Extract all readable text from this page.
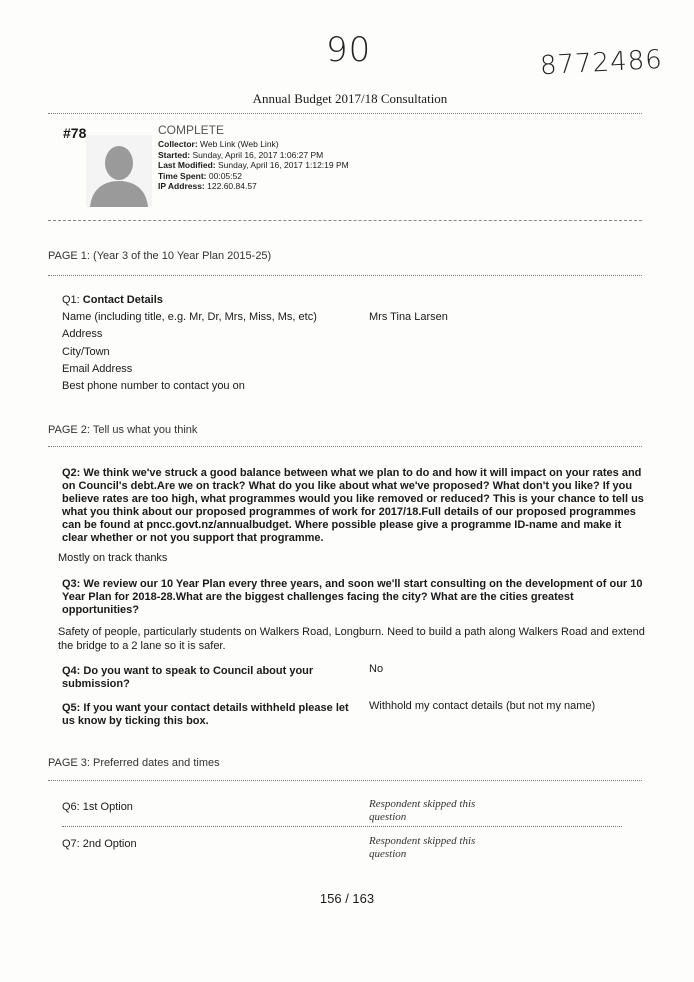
90	8772486
Annual Budget 2017/18 Consultation
#78	COMPLETE
Collector: Web Link (Web Link)
Started: Sunday, April 16, 2017 1:06:27 PM
Last Modified: Sunday, April 16, 2017 1:12:19 PM
Time Spent: 00:05:52
IP Address: 122.60.84.57
PAGE 1: (Year 3 of the 10 Year Plan 2015-25)
Q1: Contact Details
Name (including title, e.g. Mr, Dr, Mrs, Miss, Ms, etc)	Mrs Tina Larsen
Address
City/Town
Email Address
Best phone number to contact you on
PAGE 2: Tell us what you think
Q2: We think we've struck a good balance between what we plan to do and how it will impact on your rates and on Council's debt.Are we on track? What do you like about what we've proposed? What don't you like? If you believe rates are too high, what programmes would you like removed or reduced? This is your chance to tell us what you think about our proposed programmes of work for 2017/18.Full details of our proposed programmes can be found at pncc.govt.nz/annualbudget. Where possible please give a programme ID-name and make it clear whether or not you support that programme.
Mostly on track thanks
Q3: We review our 10 Year Plan every three years, and soon we'll start consulting on the development of our 10 Year Plan for 2018-28.What are the biggest challenges facing the city? What are the cities greatest opportunities?
Safety of people, particularly students on Walkers Road, Longburn. Need to build a path along Walkers Road and extend the bridge to a 2 lane so it is safer.
Q4: Do you want to speak to Council about your submission?
No
Q5: If you want your contact details withheld please let us know by ticking this box.
Withhold my contact details (but not my name)
PAGE 3: Preferred dates and times
Q6: 1st Option	Respondent skipped this question
Q7: 2nd Option	Respondent skipped this question
156 / 163
